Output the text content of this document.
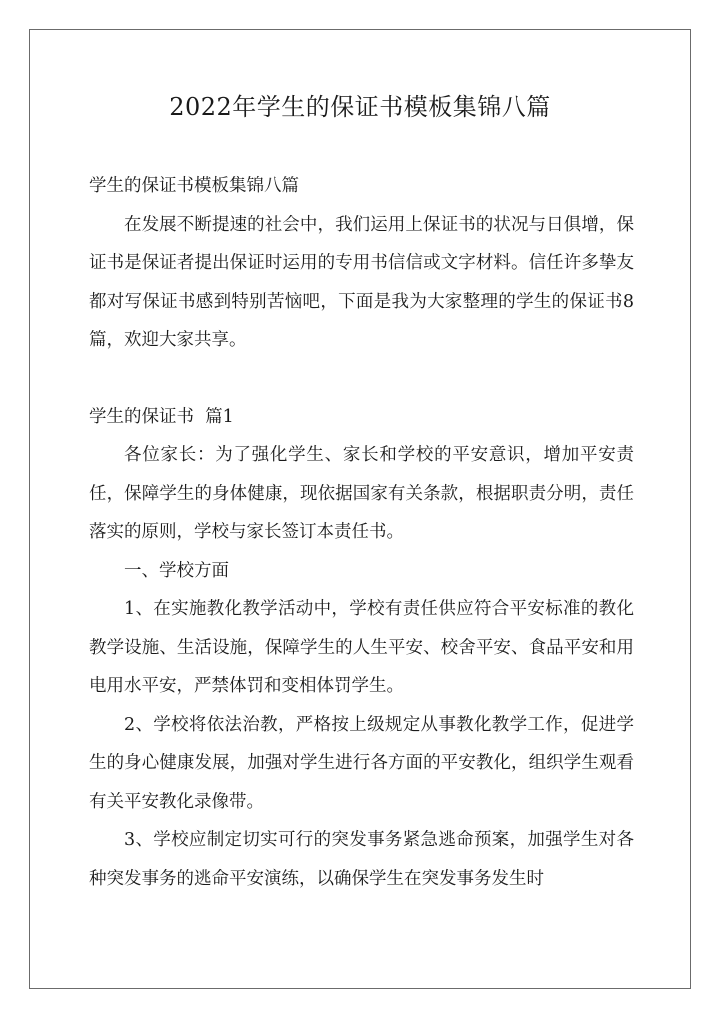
2022年学生的保证书模板集锦八篇

学生的保证书模板集锦八篇

在发展不断提速的社会中，我们运用上保证书的状况与日俱增，保证书是保证者提出保证时运用的专用书信信或文字材料。信任许多挚友都对写保证书感到特别苦恼吧，下面是我为大家整理的学生的保证书8篇，欢迎大家共享。

学生的保证书  篇1

各位家长：为了强化学生、家长和学校的平安意识，增加平安责任，保障学生的身体健康，现依据国家有关条款，根据职责分明，责任落实的原则，学校与家长签订本责任书。

一、学校方面

1、在实施教化教学活动中，学校有责任供应符合平安标准的教化教学设施、生活设施，保障学生的人生平安、校舍平安、食品平安和用电用水平安，严禁体罚和变相体罚学生。

2、学校将依法治教，严格按上级规定从事教化教学工作，促进学生的身心健康发展，加强对学生进行各方面的平安教化，组织学生观看有关平安教化录像带。

3、学校应制定切实可行的突发事务紧急逃命预案，加强学生对各种突发事务的逃命平安演练，以确保学生在突发事务发生时
